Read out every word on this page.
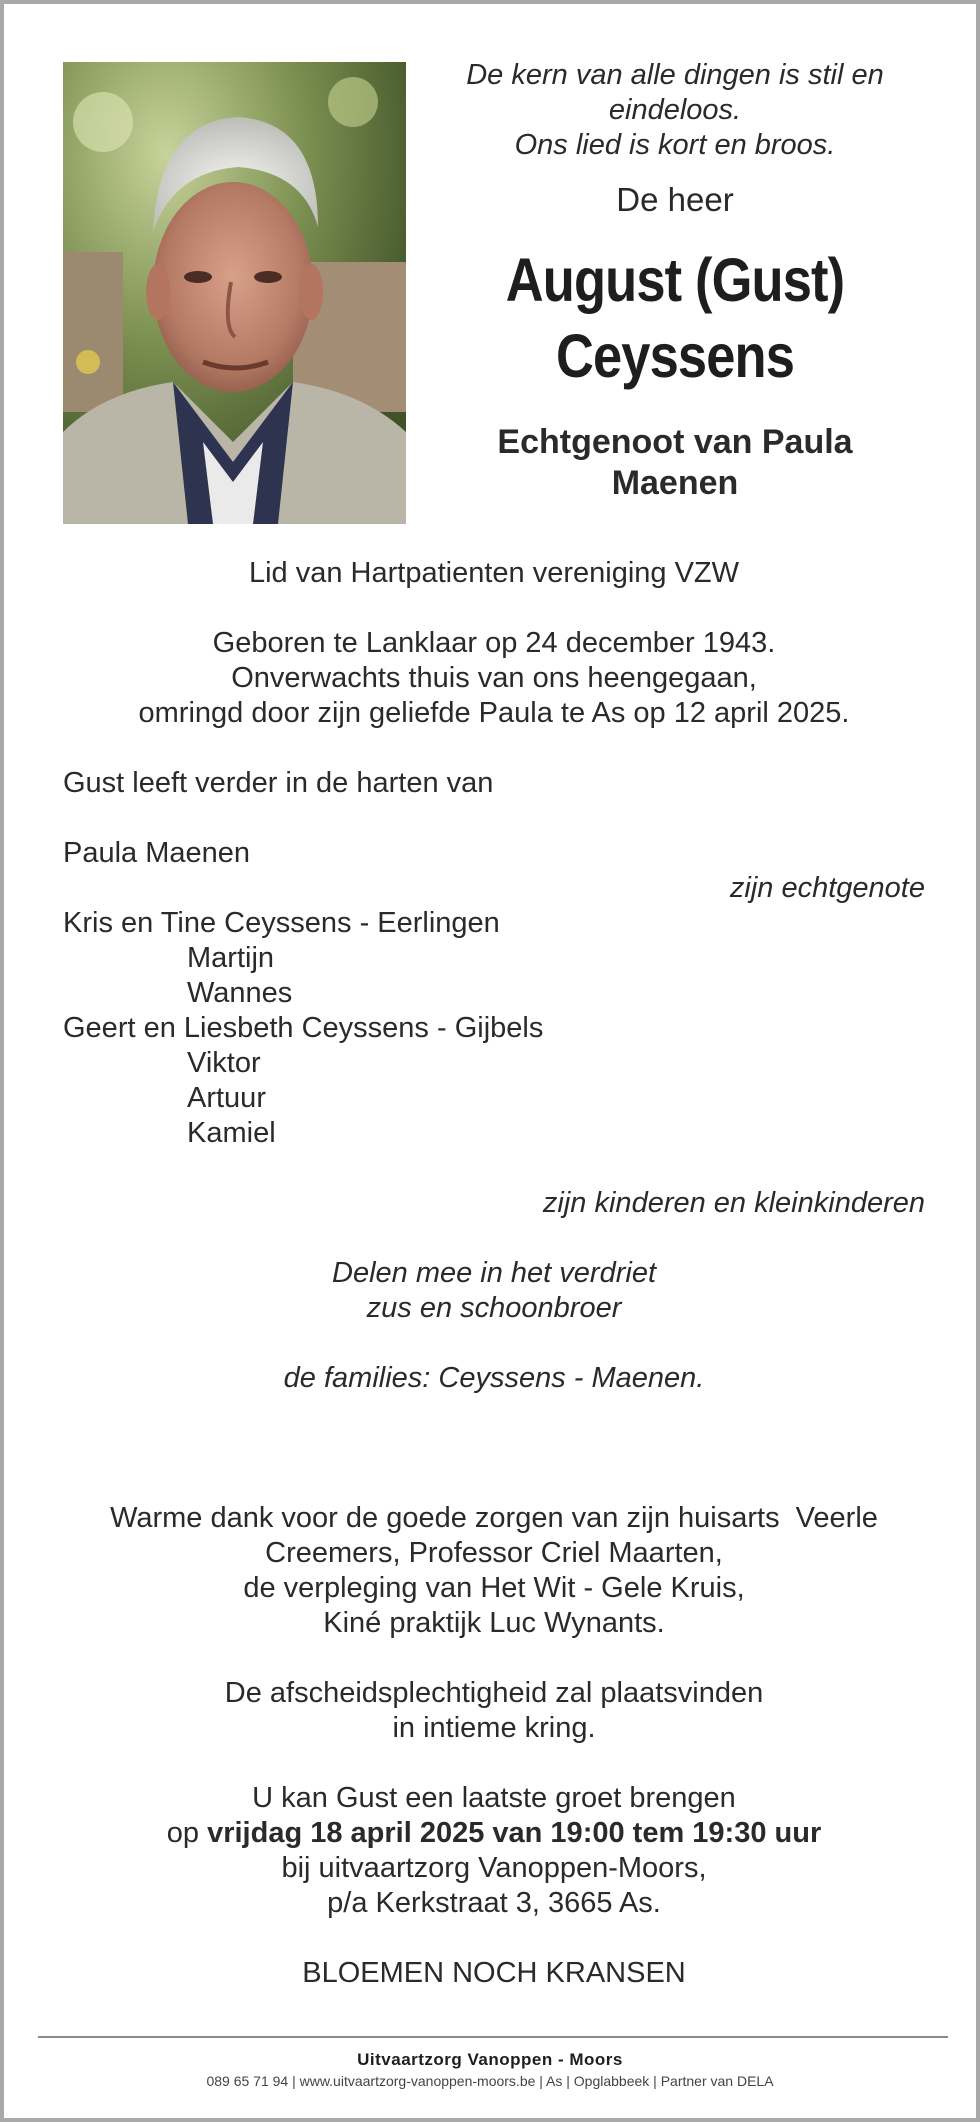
De kern van alle dingen is stil en
eindeloos.
Ons lied is kort en broos.
De heer
August (Gust)
Ceyssens
Echtgenoot van Paula
Maenen
Lid van Hartpatienten vereniging VZW
Geboren te Lanklaar op 24 december 1943.
Onverwachts thuis van ons heengegaan,
omringd door zijn geliefde Paula te As op 12 april 2025.
Gust leeft verder in de harten van
Paula Maenen
zijn echtgenote
Kris en Tine Ceyssens - Eerlingen
Martijn
Wannes
Geert en Liesbeth Ceyssens - Gijbels
Viktor
Artuur
Kamiel
zijn kinderen en kleinkinderen
Delen mee in het verdriet
zus en schoonbroer
de families: Ceyssens - Maenen.
Warme dank voor de goede zorgen van zijn huisarts  Veerle
Creemers, Professor Criel Maarten,
de verpleging van Het Wit - Gele Kruis,
Kiné praktijk Luc Wynants.
De afscheidsplechtigheid zal plaatsvinden
in intieme kring.
U kan Gust een laatste groet brengen
op vrijdag 18 april 2025 van 19:00 tem 19:30 uur
bij uitvaartzorg Vanoppen-Moors,
p/a Kerkstraat 3, 3665 As.
BLOEMEN NOCH KRANSEN
Uitvaartzorg Vanoppen - Moors
089 65 71 94 | www.uitvaartzorg-vanoppen-moors.be | As | Opglabbeek | Partner van DELA
